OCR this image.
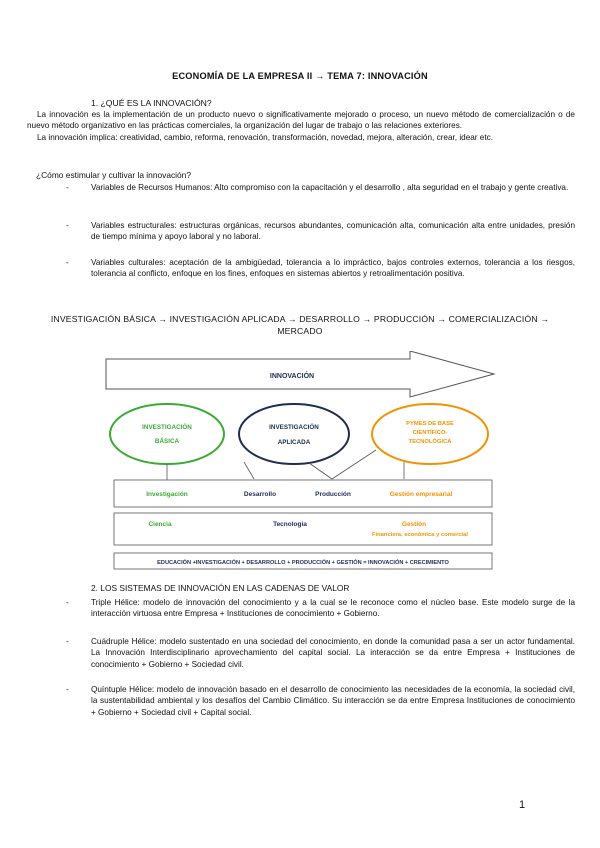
ECONOMÍA DE LA EMPRESA II → TEMA 7: INNOVACIÓN
1. ¿QUÉ ES LA INNOVACIÓN?

La innovación es la implementación de un producto nuevo o significativamente mejorado o proceso, un nuevo método de comercialización o de nuevo método organizativo en las prácticas comerciales, la organización del lugar de trabajo o las relaciones exteriores.

La innovación implica: creatividad, cambio, reforma, renovación, transformación, novedad, mejora, alteración, crear, idear etc.

¿Cómo estimular y cultivar la innovación?
-	Variables de Recursos Humanos: Alto compromiso con la capacitación y el desarrollo , alta seguridad en el trabajo y gente creativa.
-	Variables estructurales: estructuras orgánicas, recursos abundantes, comunicación alta, comunicación alta entre unidades, presión de tiempo mínima y apoyo laboral y no laboral.
-	Variables culturales: aceptación de la ambigüedad, tolerancia a lo impráctico, bajos controles externos, tolerancia a los riesgos, tolerancia al conflicto, enfoque en los fines, enfoques en sistemas abiertos y retroalimentación positiva.
INVESTIGACIÓN BÁSICA → INVESTIGACIÓN APLICADA → DESARROLLO → PRODUCCIÓN → COMERCIALIZACIÓN → MERCADO
INNOVACIÓN
INVESTIGACIÓN
BÁSICA
INVESTIGACIÓN
APLICADA
PYMES DE BASE
CIENTÍFICO-
TECNOLÓGICA
Investigación	Desarrollo	Producción	Gestión empresarial
Ciencia	Tecnología	Gestión
Financiera, económica y comercial
EDUCACIÓN +INVESTIGACIÓN + DESARROLLO + PRODUCCIÓN + GESTIÓN = INNOVACIÓN + CRECIMIENTO
2. LOS SISTEMAS DE INNOVACIÓN EN LAS CADENAS DE VALOR
-	Triple Hélice: modelo de innovación del conocimiento y a la cual se le reconoce como el núcleo base. Este modelo surge de la interacción virtuosa entre Empresa + Instituciones de conocimiento + Gobierno.
-	Cuádruple Hélice: modelo sustentado en una sociedad del conocimiento, en donde la comunidad pasa a ser un actor fundamental. La Innovación Interdisciplinario aprovechamiento del capital social. La interacción se da entre Empresa + Instituciones de conocimiento + Gobierno + Sociedad civil.
-	Quíntuple Hélice: modelo de innovación basado en el desarrollo de conocimiento las necesidades de la economía, la sociedad civil, la sustentabilidad ambiental y los desafíos del Cambio Climático. Su interacción se da entre Empresa Instituciones de conocimiento + Gobierno + Sociedad civil + Capital social.
1
